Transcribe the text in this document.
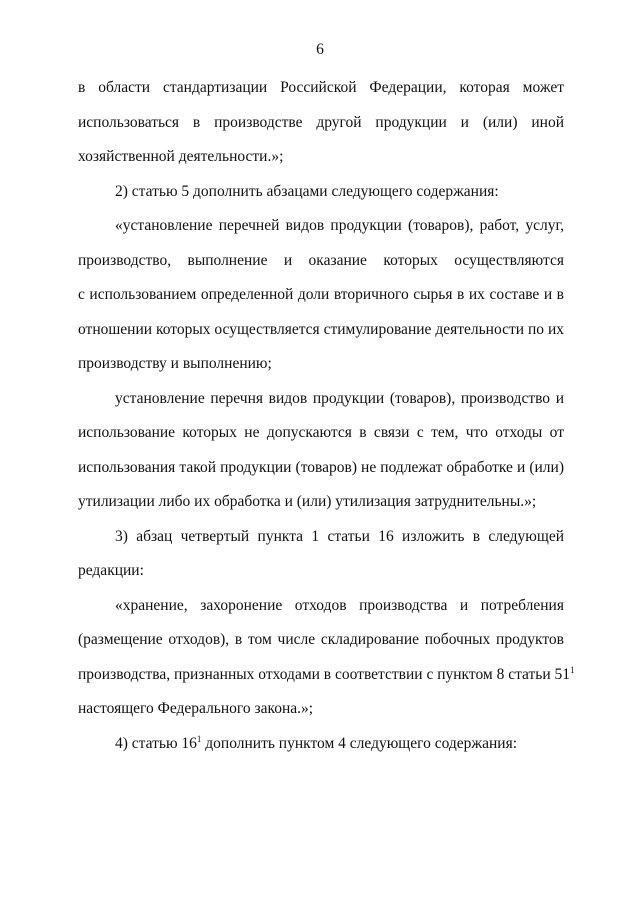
6
в области стандартизации Российской Федерации, которая может
использоваться в производстве другой продукции и (или) иной
хозяйственной деятельности.»;
2) статью 5 дополнить абзацами следующего содержания:
«установление перечней видов продукции (товаров), работ, услуг,
производство, выполнение и оказание которых осуществляются
с использованием определенной доли вторичного сырья в их составе и в
отношении которых осуществляется стимулирование деятельности по их
производству и выполнению;
установление перечня видов продукции (товаров), производство и
использование которых не допускаются в связи с тем, что отходы от
использования такой продукции (товаров) не подлежат обработке и (или)
утилизации либо их обработка и (или) утилизация затруднительны.»;
3) абзац четвертый пункта 1 статьи 16 изложить в следующей
редакции:
«хранение, захоронение отходов производства и потребления
(размещение отходов), в том числе складирование побочных продуктов
производства, признанных отходами в соответствии с пунктом 8 статьи $51^1$
настоящего Федерального закона.»;
4) статью $16^1$ дополнить пунктом 4 следующего содержания:
